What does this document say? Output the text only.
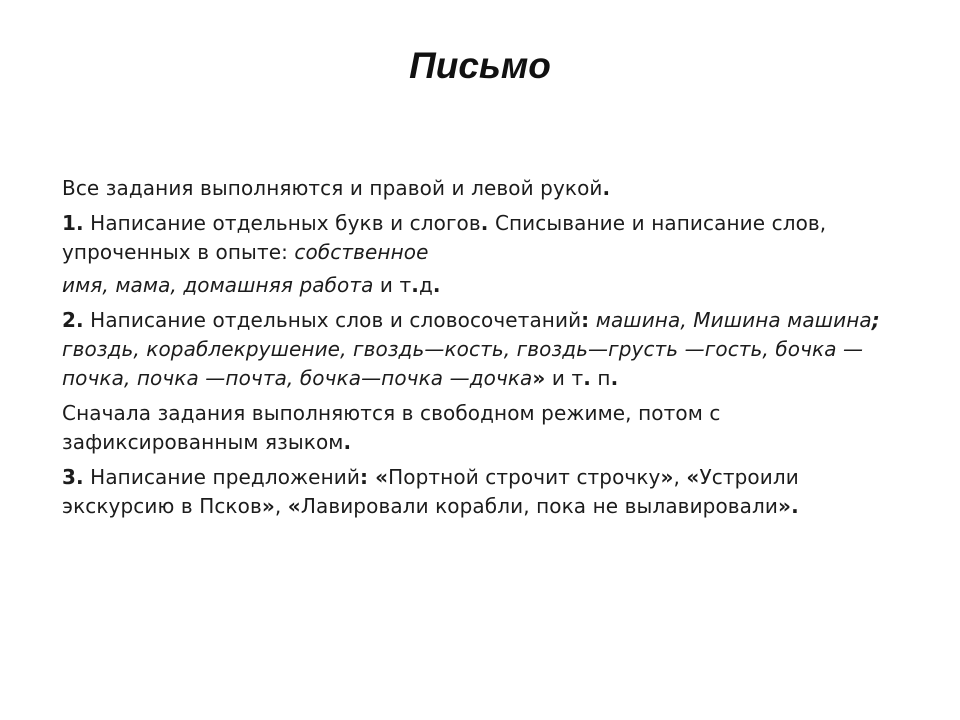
Письмо

Все задания выполняются и правой и левой рукой.

1. Написание отдельных букв и слогов. Списывание и написание слов, упроченных в опыте: собственное

имя, мама, домашняя работа и т.д.

2. Написание отдельных слов и словосочетаний: машина, Мишина машина; гвоздь, кораблекрушение, гвоздь—кость, гвоздь—грусть —гость, бочка —почка, почка —почта, бочка—почка —дочка» и т. п.

Сначала задания выполняются в свободном режиме, потом с зафиксированным языком.

3. Написание предложений: «Портной строчит строчку», «Устроили экскурсию в Псков», «Лавировали корабли, пока не вылавировали».
